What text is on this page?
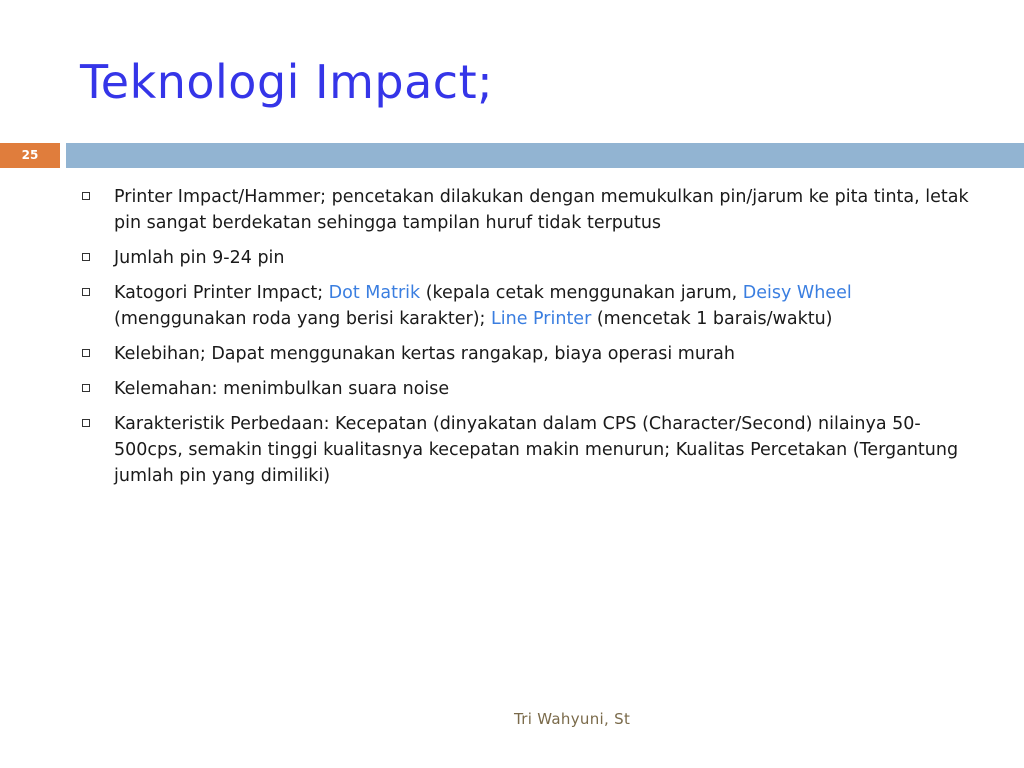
Teknologi Impact;
25
Printer Impact/Hammer; pencetakan dilakukan dengan memukulkan pin/jarum ke pita tinta, letak pin sangat berdekatan sehingga tampilan huruf tidak terputus
Jumlah pin 9-24 pin
Katogori Printer Impact; Dot Matrik (kepala cetak menggunakan jarum, Deisy Wheel (menggunakan roda yang berisi karakter); Line Printer (mencetak 1 barais/waktu)
Kelebihan; Dapat menggunakan kertas rangakap, biaya operasi murah
Kelemahan: menimbulkan suara noise
Karakteristik Perbedaan: Kecepatan (dinyakatan dalam CPS (Character/Second) nilainya 50-500cps, semakin tinggi kualitasnya kecepatan makin menurun; Kualitas Percetakan (Tergantung jumlah pin yang dimiliki)
Tri Wahyuni, St
